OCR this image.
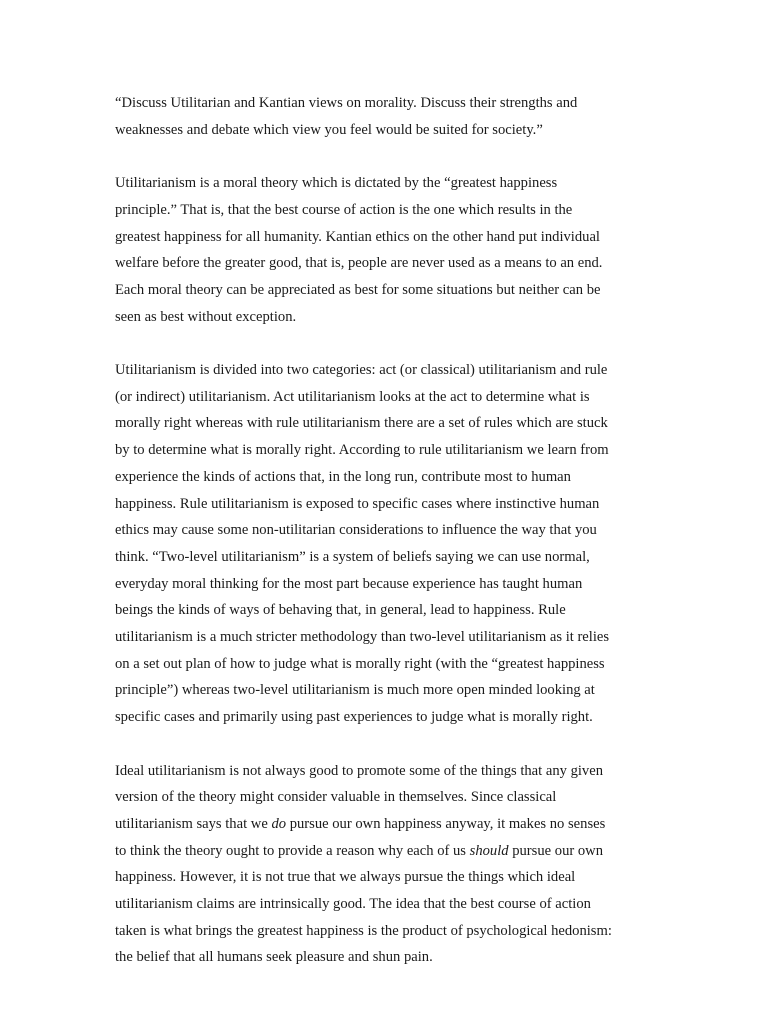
“Discuss Utilitarian and Kantian views on morality. Discuss their strengths and
weaknesses and debate which view you feel would be suited for society.”
Utilitarianism is a moral theory which is dictated by the “greatest happiness
principle.” That is, that the best course of action is the one which results in the
greatest happiness for all humanity. Kantian ethics on the other hand put individual
welfare before the greater good, that is, people are never used as a means to an end.
Each moral theory can be appreciated as best for some situations but neither can be
seen as best without exception.
Utilitarianism is divided into two categories: act (or classical) utilitarianism and rule
(or indirect) utilitarianism. Act utilitarianism looks at the act to determine what is
morally right whereas with rule utilitarianism there are a set of rules which are stuck
by to determine what is morally right. According to rule utilitarianism we learn from
experience the kinds of actions that, in the long run, contribute most to human
happiness. Rule utilitarianism is exposed to specific cases where instinctive human
ethics may cause some non-utilitarian considerations to influence the way that you
think. “Two-level utilitarianism” is a system of beliefs saying we can use normal,
everyday moral thinking for the most part because experience has taught human
beings the kinds of ways of behaving that, in general, lead to happiness. Rule
utilitarianism is a much stricter methodology than two-level utilitarianism as it relies
on a set out plan of how to judge what is morally right (with the “greatest happiness
principle”) whereas two-level utilitarianism is much more open minded looking at
specific cases and primarily using past experiences to judge what is morally right.
Ideal utilitarianism is not always good to promote some of the things that any given
version of the theory might consider valuable in themselves. Since classical
utilitarianism says that we do pursue our own happiness anyway, it makes no senses
to think the theory ought to provide a reason why each of us should pursue our own
happiness. However, it is not true that we always pursue the things which ideal
utilitarianism claims are intrinsically good. The idea that the best course of action
taken is what brings the greatest happiness is the product of psychological hedonism:
the belief that all humans seek pleasure and shun pain.
